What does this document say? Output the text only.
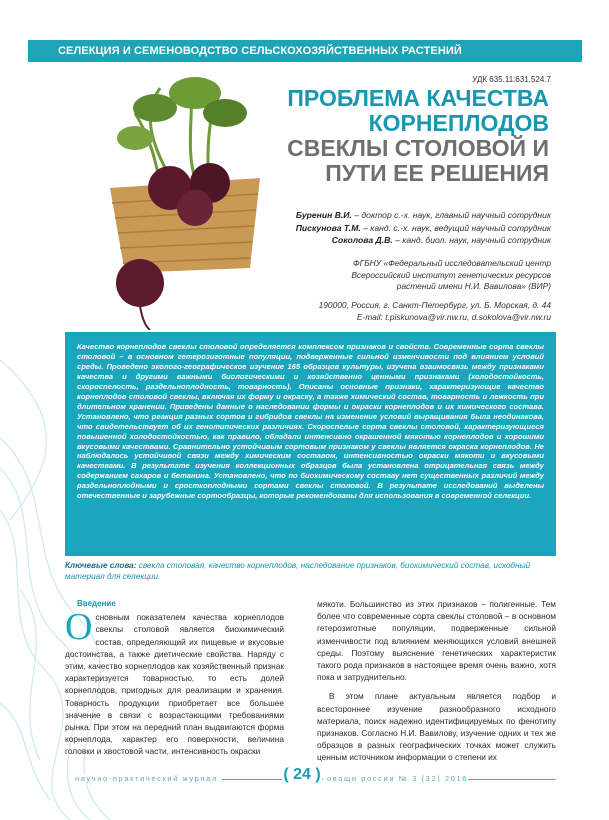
СЕЛЕКЦИЯ И СЕМЕНОВОДСТВО СЕЛЬСКОХОЗЯЙСТВЕННЫХ РАСТЕНИЙ
УДК 635.11:631.524.7
ПРОБЛЕМА КАЧЕСТВА
КОРНЕПЛОДОВ
СВЕКЛЫ СТОЛОВОЙ И
ПУТИ ЕЕ РЕШЕНИЯ
Буренин В.И. – доктор с.-х. наук, главный научный сотрудник
Пискунова Т.М. – канд. с.-х. наук, ведущий научный сотрудник
Соколова Д.В. – канд. биол. наук, научный сотрудник
ФГБНУ «Федеральный исследовательский центр
Всероссийский институт генетических ресурсов
растений имени Н.И. Вавилова» (ВИР)
190000, Россия, г. Санкт-Петербург, ул. Б. Морская, д. 44
E-mail: t.piskunova@vir.nw.ru, d.sokolova@vir.nw.ru
Качество корнеплодов свеклы столовой определяется комплексом признаков и свойств. Современные сорта свеклы столовой – в основном гетерозиготные популяции, подверженные сильной изменчивости под влиянием условий среды. Проведено эколого-географическое изучение 165 образцов культуры, изучена взаимосвязь между признаками качества и другими важными биологическими и хозяйственно ценными признаками (холодостойкость, скороспелость, раздельноплодность, товарность). Описаны основные признаки, характеризующие качество корнеплодов столовой свеклы, включая их форму и окраску, а также химический состав, товарность и лежкость при длительном хранении. Приведены данные о наследовании формы и окраски корнеплодов и их химического состава. Установлено, что реакция разных сортов и гибридов свеклы на изменение условий выращивания была неодинакова, что свидетельствует об их генотипических различиях. Скороспелые сорта свеклы столовой, характеризующиеся повышенной холодостойкостью, как правило, обладали интенсивно окрашенной мякотью корнеплодов и хорошими вкусовыми качествами. Сравнительно устойчивым сортовым признаком у свеклы является окраска корнеплодов. Не наблюдалось устойчивой связи между химическим составом, интенсивностью окраски мякоти и вкусовыми качествами. В результате изучения коллекционных образцов была установлена отрицательная связь между содержанием сахаров и бетанина. Установлено, что по биохимическому составу нет существенных различий между раздельноплодными и сросткоплодными сортами свеклы столовой. В результате исследований выделены отечественные и зарубежные сортообразцы, которые рекомендованы для использования в современной селекции.
Ключевые слова: свекла столовая, качество корнеплодов, наследование признаков, биохимический состав, исходный материал для селекции.
Введение

Основным показателем качества корнеплодов свеклы столовой является биохимический состав, определяющий их пищевые и вкусовые достоинства, а также диетические свойства. Наряду с этим, качество корнеплодов как хозяйственный признак характеризуется товарностью, то есть долей корнеплодов, пригодных для реализации и хранения. Товарность продукции приобретает все большее значение в связи с возрастающими требованиями рынка. При этом на передний план выдвигаются форма корнеплода, характер его поверхности, величина головки и хвостовой части, интенсивность окраски

мякоти. Большинство из этих признаков – полигенные. Тем более что современные сорта свеклы столовой – в основном гетерозиготные популяции, подверженные сильной изменчивости под влиянием меняющихся условий внешней среды. Поэтому выяснение генетических характеристик такого рода признаков в настоящее время очень важно, хотя пока и затруднительно.

В этом плане актуальным является подбор и всестороннее изучение разнообразного исходного материала, поиск надежно идентифицируемых по фенотипу признаков. Согласно Н.И. Вавилову, изучение одних и тех же образцов в разных географических точках может служить ценным источником информации о степени их

научно-практический журнал	( 24 ) овощи россии № 3 (32) 2016
